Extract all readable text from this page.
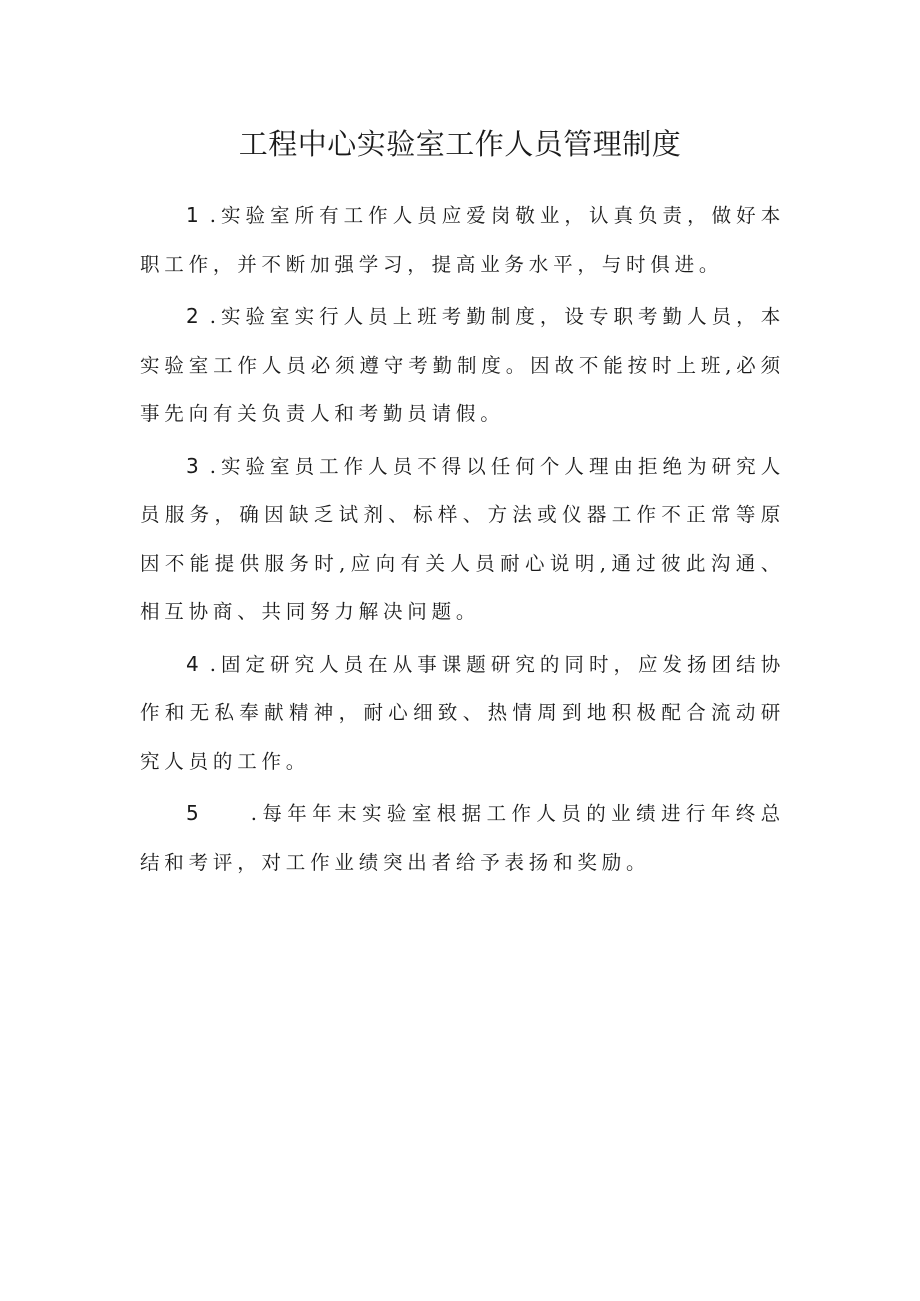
工程中心实验室工作人员管理制度

1 .实验室所有工作人员应爱岗敬业，认真负责，做好本职工作，并不断加强学习，提高业务水平，与时俱进。

2 .实验室实行人员上班考勤制度，设专职考勤人员，本实验室工作人员必须遵守考勤制度。因故不能按时上班,必须事先向有关负责人和考勤员请假。

3 .实验室员工作人员不得以任何个人理由拒绝为研究人员服务，确因缺乏试剂、标样、方法或仪器工作不正常等原因不能提供服务时,应向有关人员耐心说明,通过彼此沟通、相互协商、共同努力解决问题。

4 .固定研究人员在从事课题研究的同时，应发扬团结协作和无私奉献精神，耐心细致、热情周到地积极配合流动研究人员的工作。

5	.每年年末实验室根据工作人员的业绩进行年终总结和考评，对工作业绩突出者给予表扬和奖励。
